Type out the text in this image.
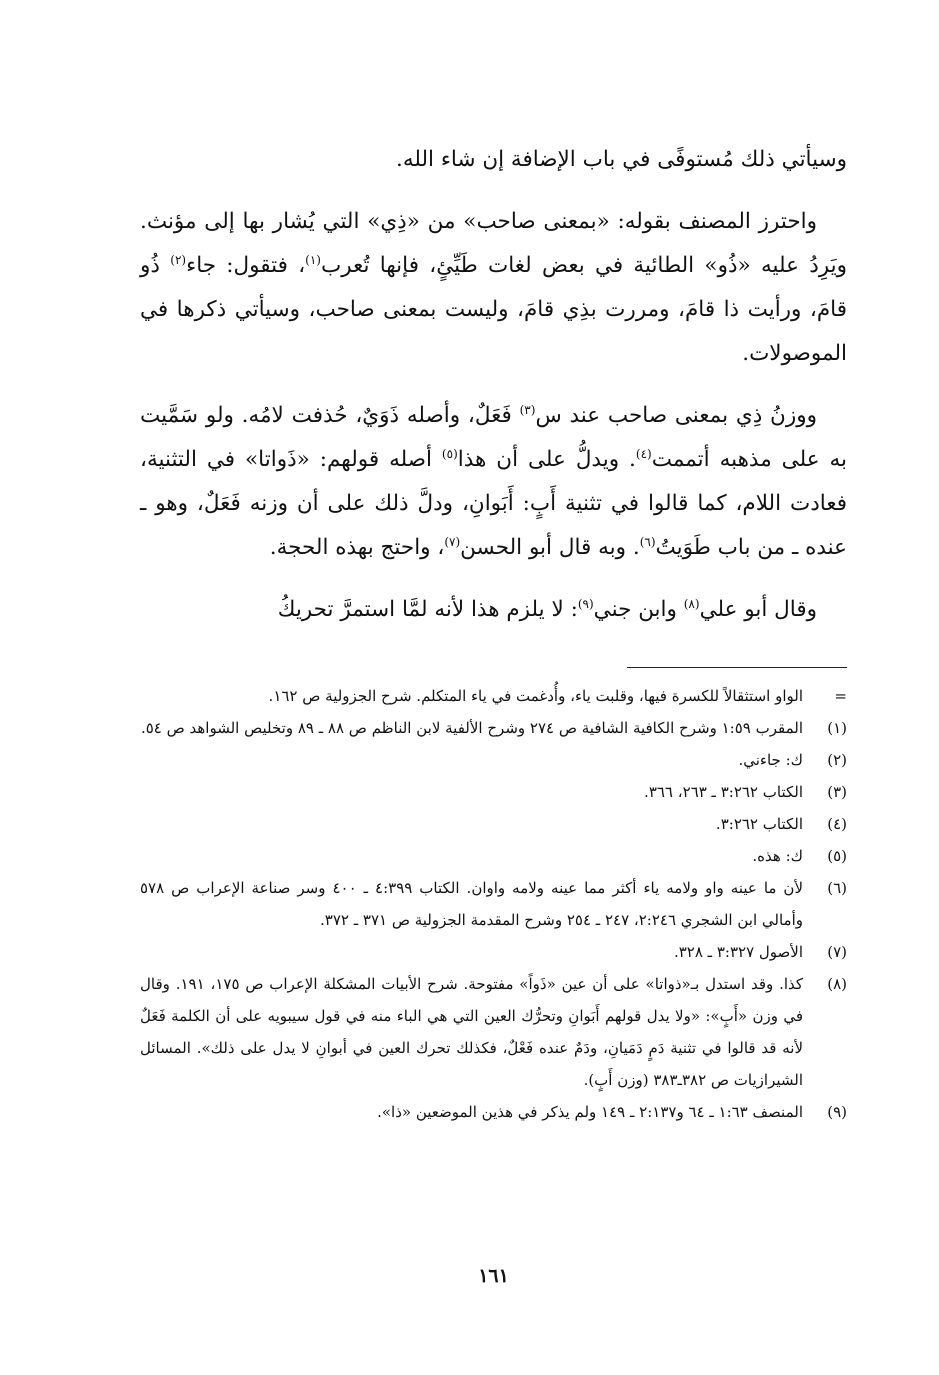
وسيأتي ذلك مُستوفًى في باب الإضافة إن شاء الله.

واحترز المصنف بقوله: «بمعنى صاحب» من «ذِي» التي يُشار بها إلى مؤنث. ويَرِدُ عليه «ذُو» الطائية في بعض لغات طَيِّئٍ، فإنها تُعرب$^{(١)}$، فتقول: جاء$^{(٢)}$ ذُو قامَ، ورأيت ذا قامَ، ومررت بذِي قامَ، وليست بمعنى صاحب، وسيأتي ذكرها في الموصولات.

ووزنُ ذِي بمعنى صاحب عند س$^{(٣)}$ فَعَلٌ، وأصله ذَوَيٌ، حُذفت لامُه. ولو سَمَّيت به على مذهبه أتممت$^{(٤)}$. ويدلُّ على أن هذا$^{(٥)}$ أصله قولهم: «ذَواتا» في التثنية، فعادت اللام، كما قالوا في تثنية أَبٍ: أَبَوانِ، ودلَّ ذلك على أن وزنه فَعَلٌ، وهو ـ عنده ـ من باب طَوَيتُ$^{(٦)}$. وبه قال أبو الحسن$^{(٧)}$، واحتج بهذه الحجة.

وقال أبو علي$^{(٨)}$ وابن جني$^{(٩)}$: لا يلزم هذا لأنه لمَّا استمرَّ تحريكُ

=
الواو استثقالاً للكسرة فيها، وقلبت ياء، وأُدغمت في ياء المتكلم. شرح الجزولية ص ١٦٢.
(١)
المقرب ١:٥٩ وشرح الكافية الشافية ص ٢٧٤ وشرح الألفية لابن الناظم ص ٨٨ ـ ٨٩ وتخليص الشواهد ص ٥٤.
(٢)
ك: جاءني.
(٣)
الكتاب ٣:٢٦٢ ـ ٢٦٣، ٣٦٦.
(٤)
الكتاب ٣:٢٦٢.
(٥)
ك: هذه.
(٦)
لأن ما عينه واو ولامه ياء أكثر مما عينه ولامه واوان. الكتاب ٤:٣٩٩ ـ ٤٠٠ وسر صناعة الإعراب ص ٥٧٨ وأمالي ابن الشجري ٢:٢٤٦، ٢٤٧ ـ ٢٥٤ وشرح المقدمة الجزولية ص ٣٧١ ـ ٣٧٢.
(٧)
الأصول ٣:٣٢٧ ـ ٣٢٨.
(٨)
كذا. وقد استدل بـ«ذواتا» على أن عين «ذَواً» مفتوحة. شرح الأبيات المشكلة الإعراب ص ١٧٥، ١٩١. وقال في وزن «أَبٍ»: «ولا يدل قولهم أَبَوانِ وتحرُّك العين التي هي الباء منه في قول سيبويه على أن الكلمة فَعَلٌ لأنه قد قالوا في تثنية دَمٍ دَمَيانِ، ودَمٌ عنده فَعْلٌ، فكذلك تحرك العين في أبوانِ لا يدل على ذلك». المسائل الشيرازيات ص ٣٨٢ـ٣٨٣ (وزن أَبٍ).
(٩)
المنصف ١:٦٣ ـ ٦٤ و٢:١٣٧ ـ ١٤٩ ولم يذكر في هذين الموضعين «ذا».
١٦١
